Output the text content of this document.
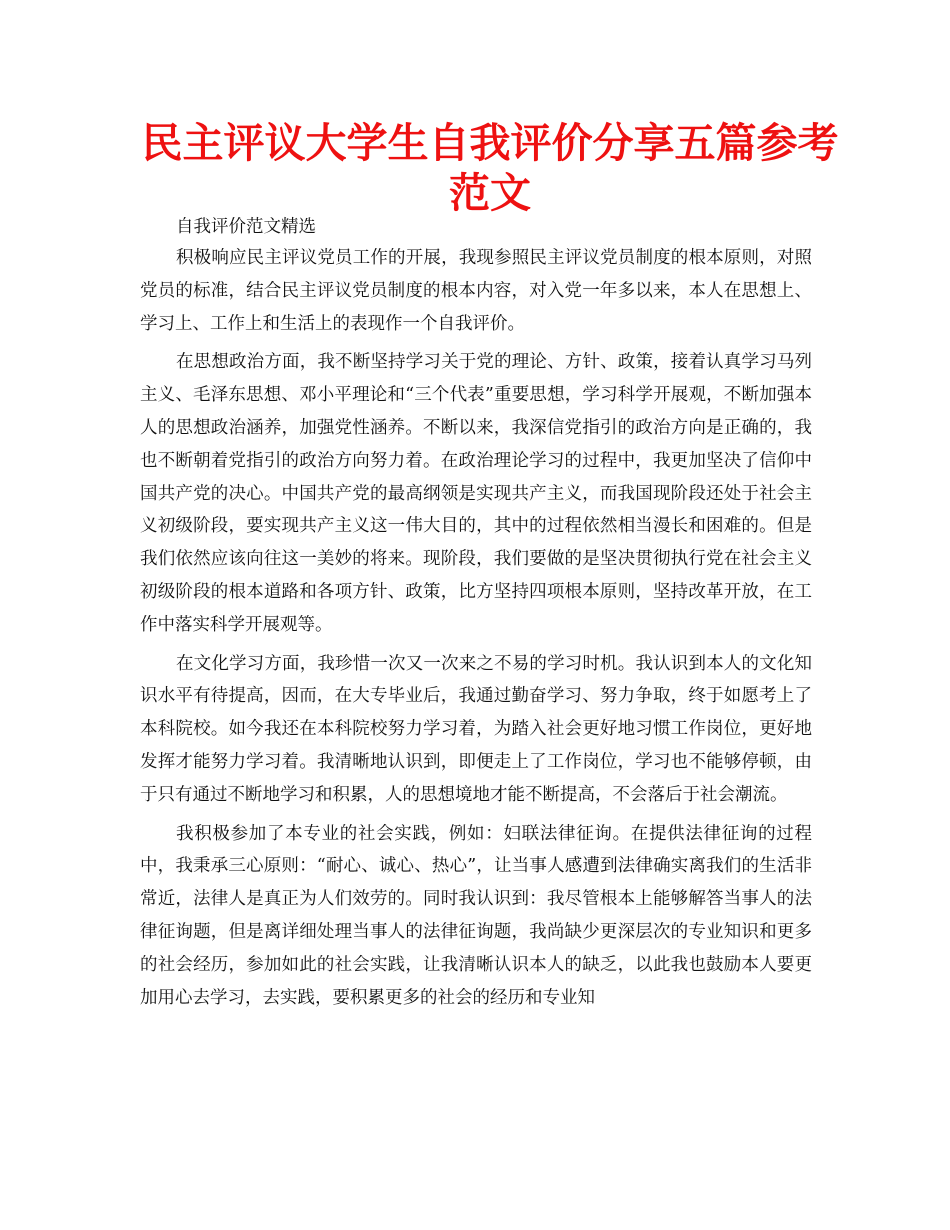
民主评议大学生自我评价分享五篇参考范文

自我评价范文精选

积极响应民主评议党员工作的开展，我现参照民主评议党员制度的根本原则，对照党员的标准，结合民主评议党员制度的根本内容，对入党一年多以来，本人在思想上、学习上、工作上和生活上的表现作一个自我评价。

在思想政治方面，我不断坚持学习关于党的理论、方针、政策，接着认真学习马列主义、毛泽东思想、邓小平理论和“三个代表”重要思想，学习科学开展观，不断加强本人的思想政治涵养，加强党性涵养。不断以来，我深信党指引的政治方向是正确的，我也不断朝着党指引的政治方向努力着。在政治理论学习的过程中，我更加坚决了信仰中国共产党的决心。中国共产党的最高纲领是实现共产主义，而我国现阶段还处于社会主义初级阶段，要实现共产主义这一伟大目的，其中的过程依然相当漫长和困难的。但是我们依然应该向往这一美妙的将来。现阶段，我们要做的是坚决贯彻执行党在社会主义初级阶段的根本道路和各项方针、政策，比方坚持四项根本原则，坚持改革开放，在工作中落实科学开展观等。

在文化学习方面，我珍惜一次又一次来之不易的学习时机。我认识到本人的文化知识水平有待提高，因而，在大专毕业后，我通过勤奋学习、努力争取，终于如愿考上了本科院校。如今我还在本科院校努力学习着，为踏入社会更好地习惯工作岗位，更好地发挥才能努力学习着。我清晰地认识到，即便走上了工作岗位，学习也不能够停顿，由于只有通过不断地学习和积累，人的思想境地才能不断提高，不会落后于社会潮流。

我积极参加了本专业的社会实践，例如：妇联法律征询。在提供法律征询的过程中，我秉承三心原则：“耐心、诚心、热心”，让当事人感遭到法律确实离我们的生活非常近，法律人是真正为人们效劳的。同时我认识到：我尽管根本上能够解答当事人的法律征询题，但是离详细处理当事人的法律征询题，我尚缺少更深层次的专业知识和更多的社会经历，参加如此的社会实践，让我清晰认识本人的缺乏，以此我也鼓励本人要更加用心去学习，去实践，要积累更多的社会的经历和专业知
